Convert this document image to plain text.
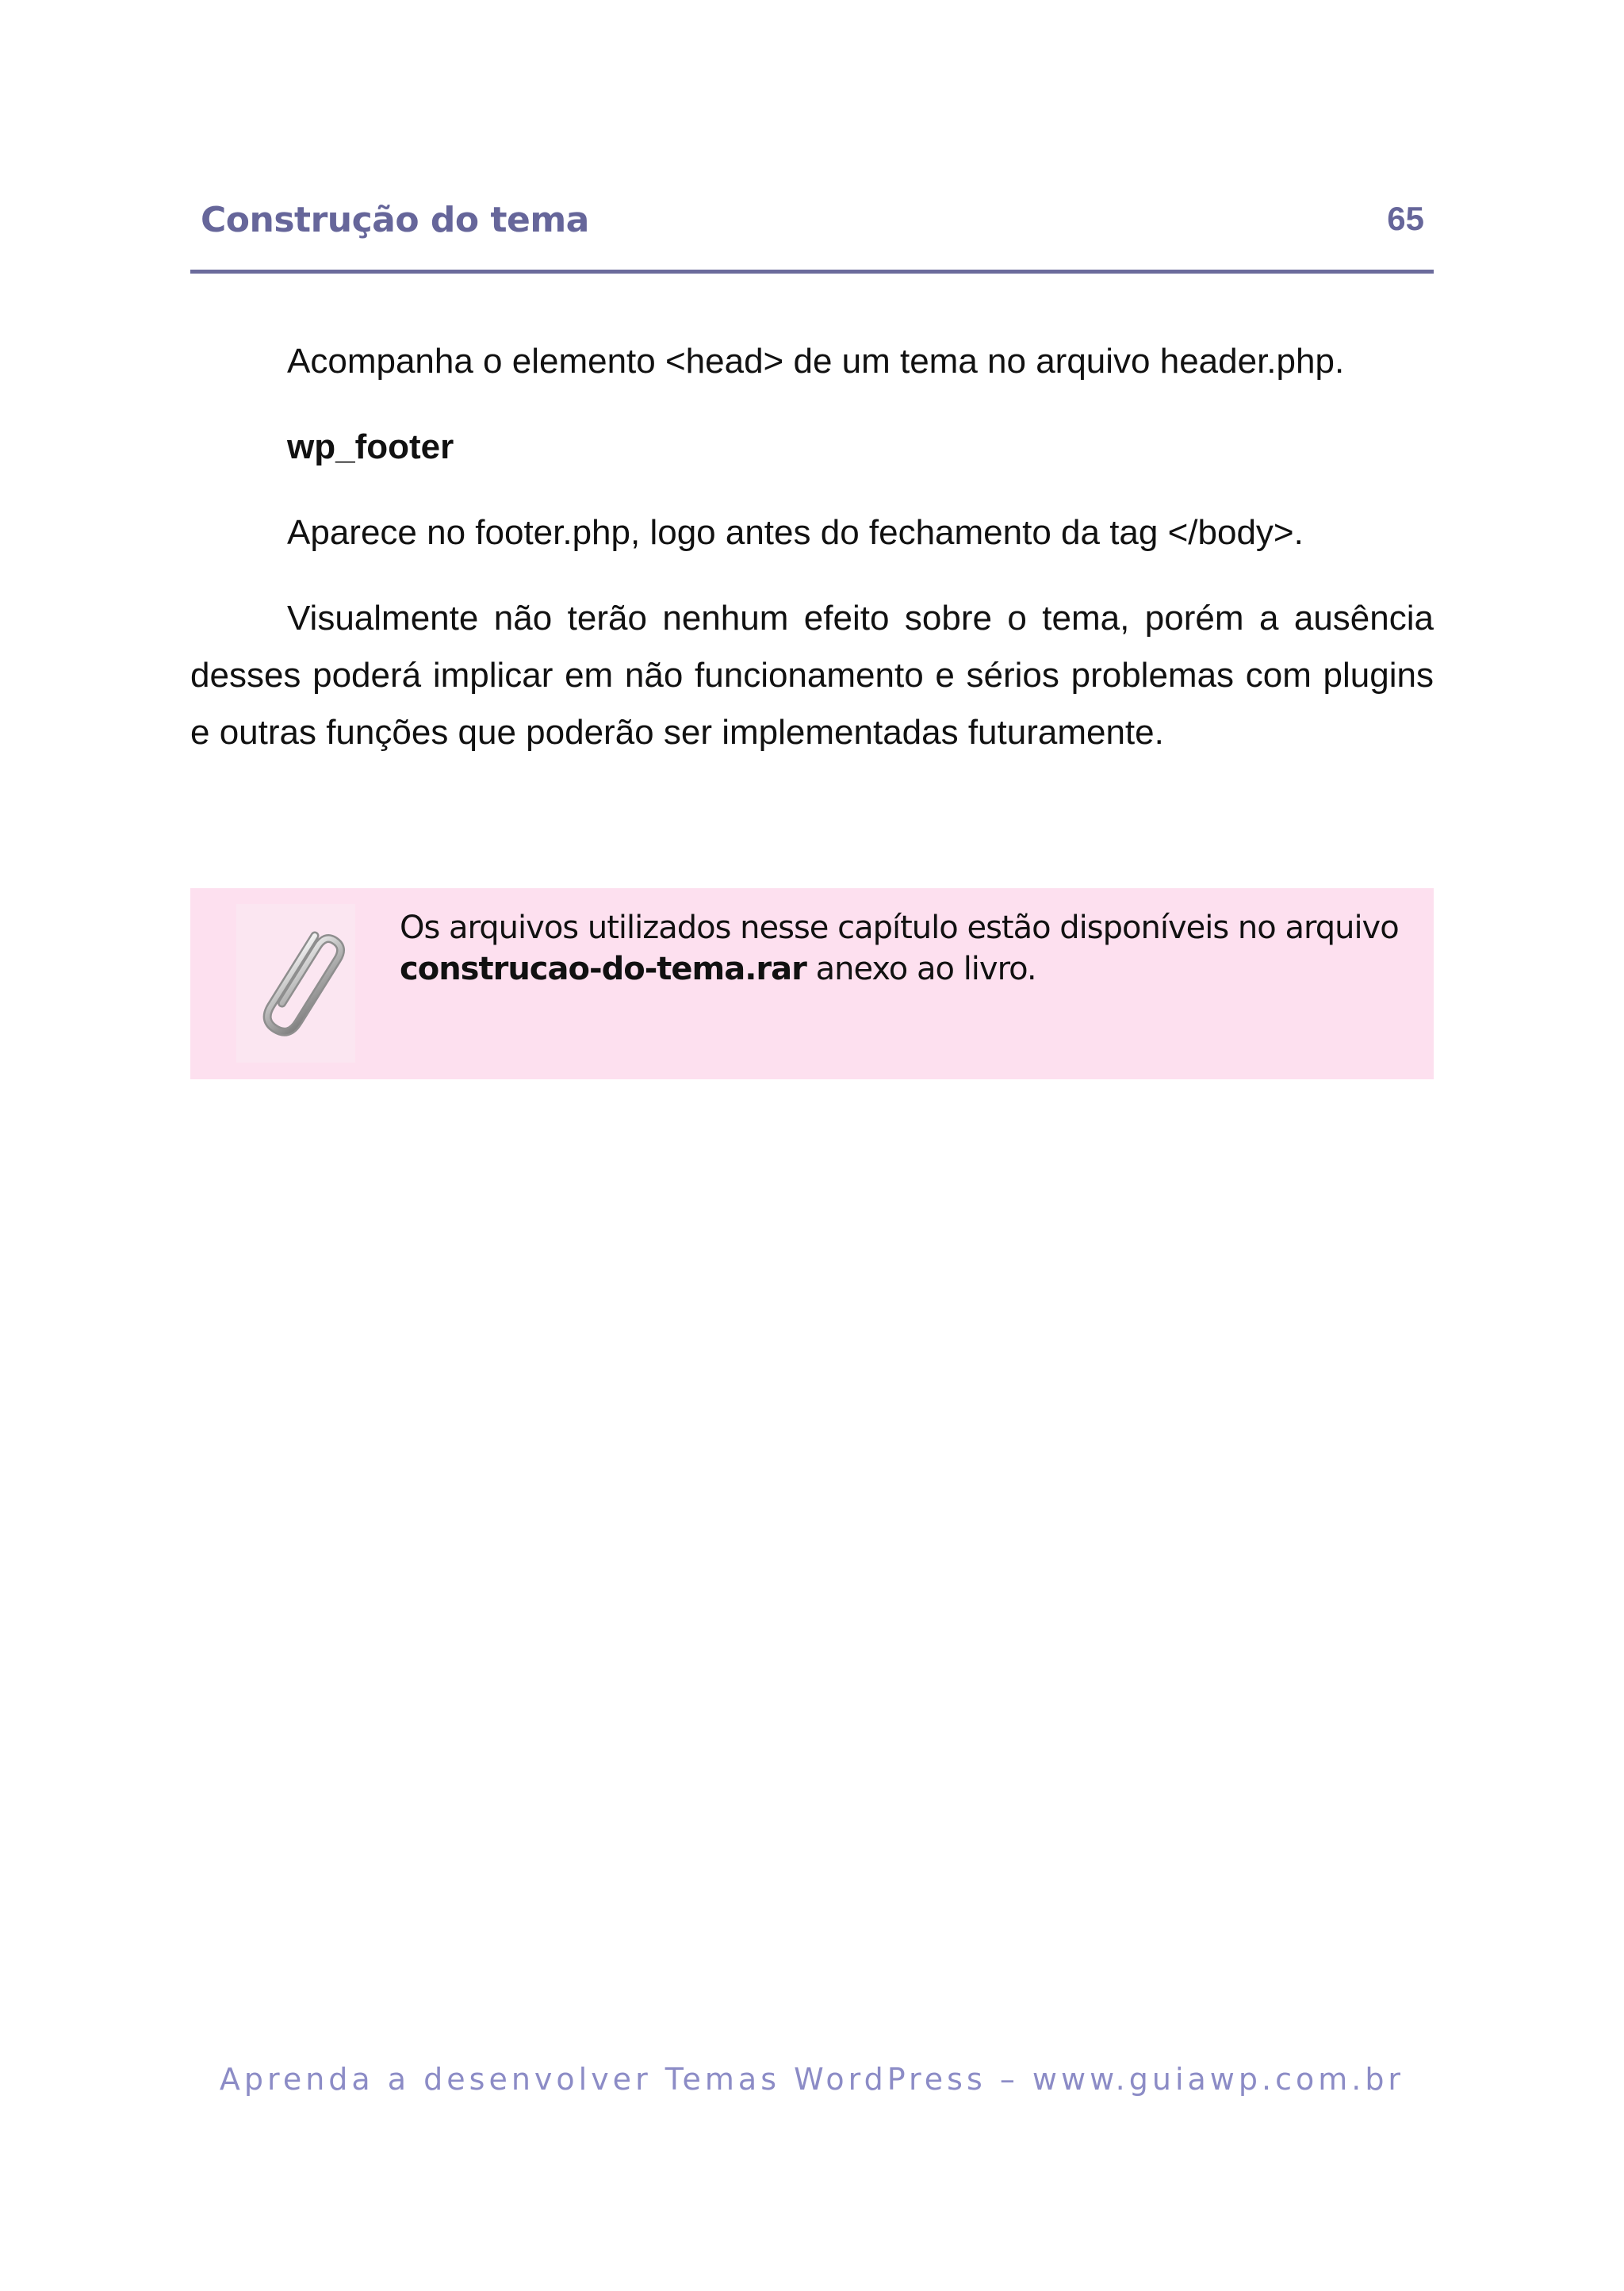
Construção do tema	65

Acompanha o elemento <head> de um tema no arquivo header.php.

wp_footer

Aparece no footer.php, logo antes do fechamento da tag </body>.

Visualmente não terão nenhum efeito sobre o tema, porém a ausência desses poderá implicar em não funcionamento e sérios problemas com plugins e outras funções que poderão ser implementadas futuramente.

Os arquivos utilizados nesse capítulo estão disponíveis no arquivo construcao-do-tema.rar anexo ao livro.
Aprenda a desenvolver Temas WordPress – www.guiawp.com.br
